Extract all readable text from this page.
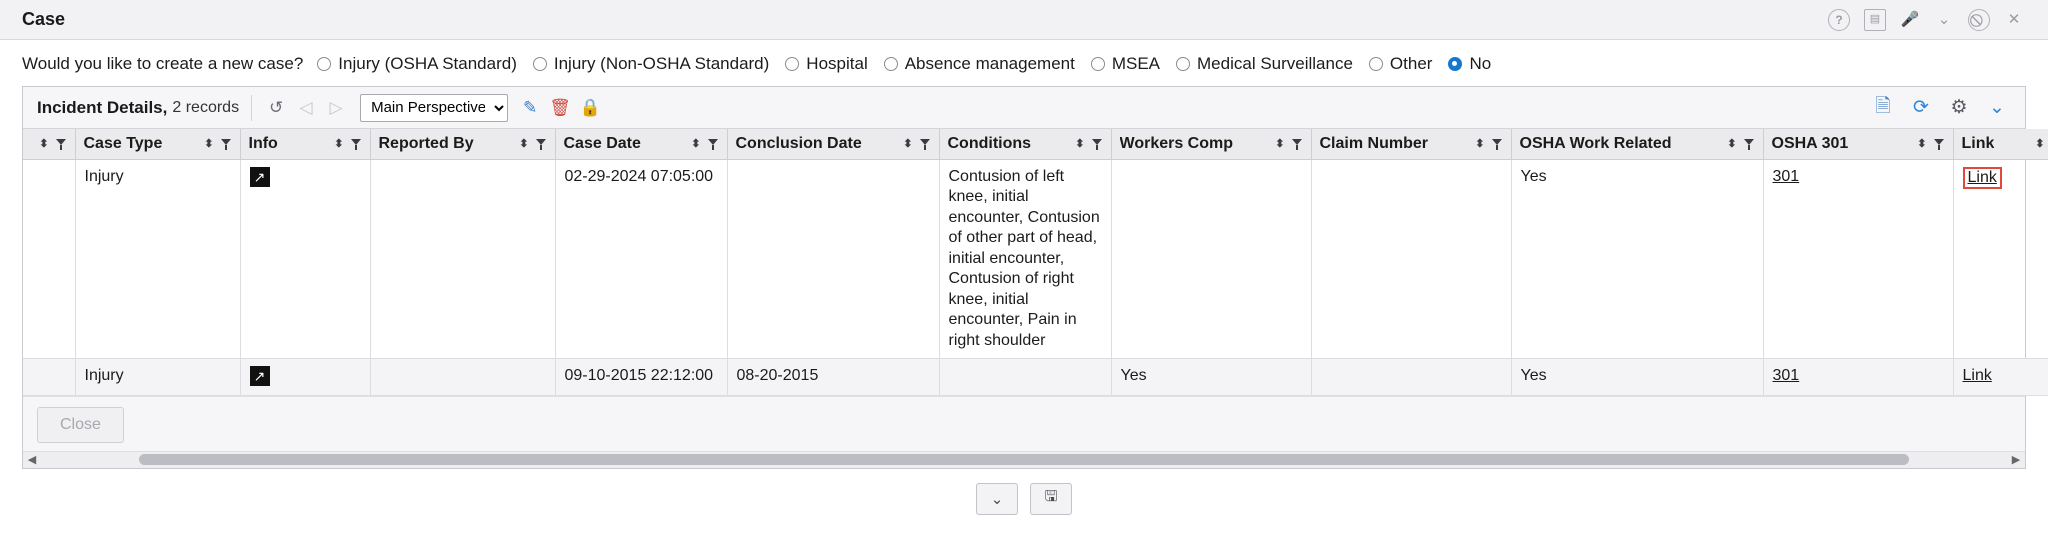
Case	?	▤	🎤 ⌄	✕
Would you like to create a new case? Injury (OSHA Standard) Injury (Non-OSHA Standard) Hospital Absence management MSEA Medical Surveillance Other No
Incident Details, 2 records ↺ ◁ ▷
Main Perspective	✎ 🗑 🔒	🗎 ⟳ ⚙ ⌄
⬍	Case Type ⬍	Info ⬍	Reported By ⬍	Case Date ⬍	Conclusion Date ⬍	Conditions ⬍	Workers Comp ⬍	Claim Number ⬍	OSHA Work Related ⬍	OSHA 301 ⬍	Link ⬍

	Injury	↗		02-29-2024 07:05:00		Contusion of left knee, initial encounter, Contusion of other part of head, initial encounter, Contusion of right knee, initial encounter, Pain in right shoulder			Yes	301	Link
	Injury	↗		09-10-2015 22:12:00	08-20-2015		Yes		Yes	301	Link
Close
◀	▶
⌄	🖫
